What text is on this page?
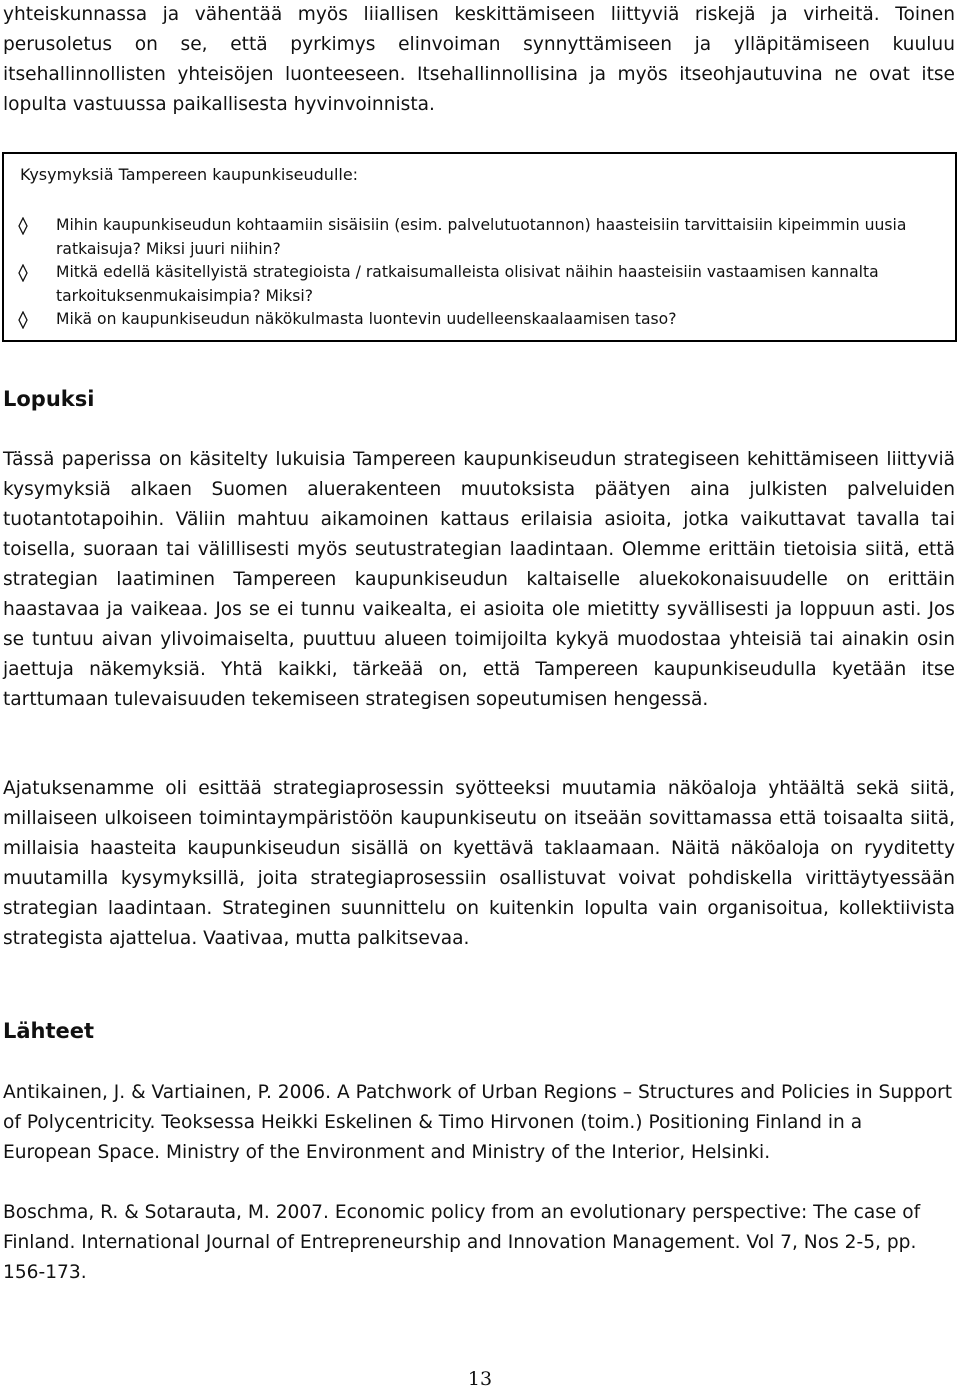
yhteiskunnassa ja vähentää myös liiallisen keskittämiseen liittyviä riskejä ja virheitä. Toinen perusoletus on se, että pyrkimys elinvoiman synnyttämiseen ja ylläpitämiseen kuuluu itsehallinnollisten yhteisöjen luonteeseen. Itsehallinnollisina ja myös itseohjautuvina ne ovat itse lopulta vastuussa paikallisesta hyvinvoinnista.

Kysymyksiä Tampereen kaupunkiseudulle:
Mihin kaupunkiseudun kohtaamiin sisäisiin (esim. palvelutuotannon) haasteisiin tarvittaisiin kipeimmin uusia ratkaisuja? Miksi juuri niihin?
Mitkä edellä käsitellyistä strategioista / ratkaisumalleista olisivat näihin haasteisiin vastaamisen kannalta tarkoituksenmukaisimpia? Miksi?
Mikä on kaupunkiseudun näkökulmasta luontevin uudelleenskaalaamisen taso?
Lopuksi

Tässä paperissa on käsitelty lukuisia Tampereen kaupunkiseudun strategiseen kehittämiseen liittyviä kysymyksiä alkaen Suomen aluerakenteen muutoksista päätyen aina julkisten palveluiden tuotantotapoihin. Väliin mahtuu aikamoinen kattaus erilaisia asioita, jotka vaikuttavat tavalla tai toisella, suoraan tai välillisesti myös seutustrategian laadintaan. Olemme erittäin tietoisia siitä, että strategian laatiminen Tampereen kaupunkiseudun kaltaiselle aluekokonaisuudelle on erittäin haastavaa ja vaikeaa. Jos se ei tunnu vaikealta, ei asioita ole mietitty syvällisesti ja loppuun asti. Jos se tuntuu aivan ylivoimaiselta, puuttuu alueen toimijoilta kykyä muodostaa yhteisiä tai ainakin osin jaettuja näkemyksiä. Yhtä kaikki, tärkeää on, että Tampereen kaupunkiseudulla kyetään itse tarttumaan tulevaisuuden tekemiseen strategisen sopeutumisen hengessä.

Ajatuksenamme oli esittää strategiaprosessin syötteeksi muutamia näköaloja yhtäältä sekä siitä, millaiseen ulkoiseen toimintaympäristöön kaupunkiseutu on itseään sovittamassa että toisaalta siitä, millaisia haasteita kaupunkiseudun sisällä on kyettävä taklaamaan. Näitä näköaloja on ryyditetty muutamilla kysymyksillä, joita strategiaprosessiin osallistuvat voivat pohdiskella virittäytyessään strategian laadintaan. Strateginen suunnittelu on kuitenkin lopulta vain organisoitua, kollektiivista strategista ajattelua. Vaativaa, mutta palkitsevaa.

Lähteet

Antikainen, J. & Vartiainen, P. 2006. A Patchwork of Urban Regions – Structures and Policies in Support of Polycentricity. Teoksessa Heikki Eskelinen & Timo Hirvonen (toim.) Positioning Finland in a European Space. Ministry of the Environment and Ministry of the Interior, Helsinki.

Boschma, R. & Sotarauta, M. 2007. Economic policy from an evolutionary perspective: The case of Finland. International Journal of Entrepreneurship and Innovation Management. Vol 7, Nos 2-5, pp. 156-173.

13
